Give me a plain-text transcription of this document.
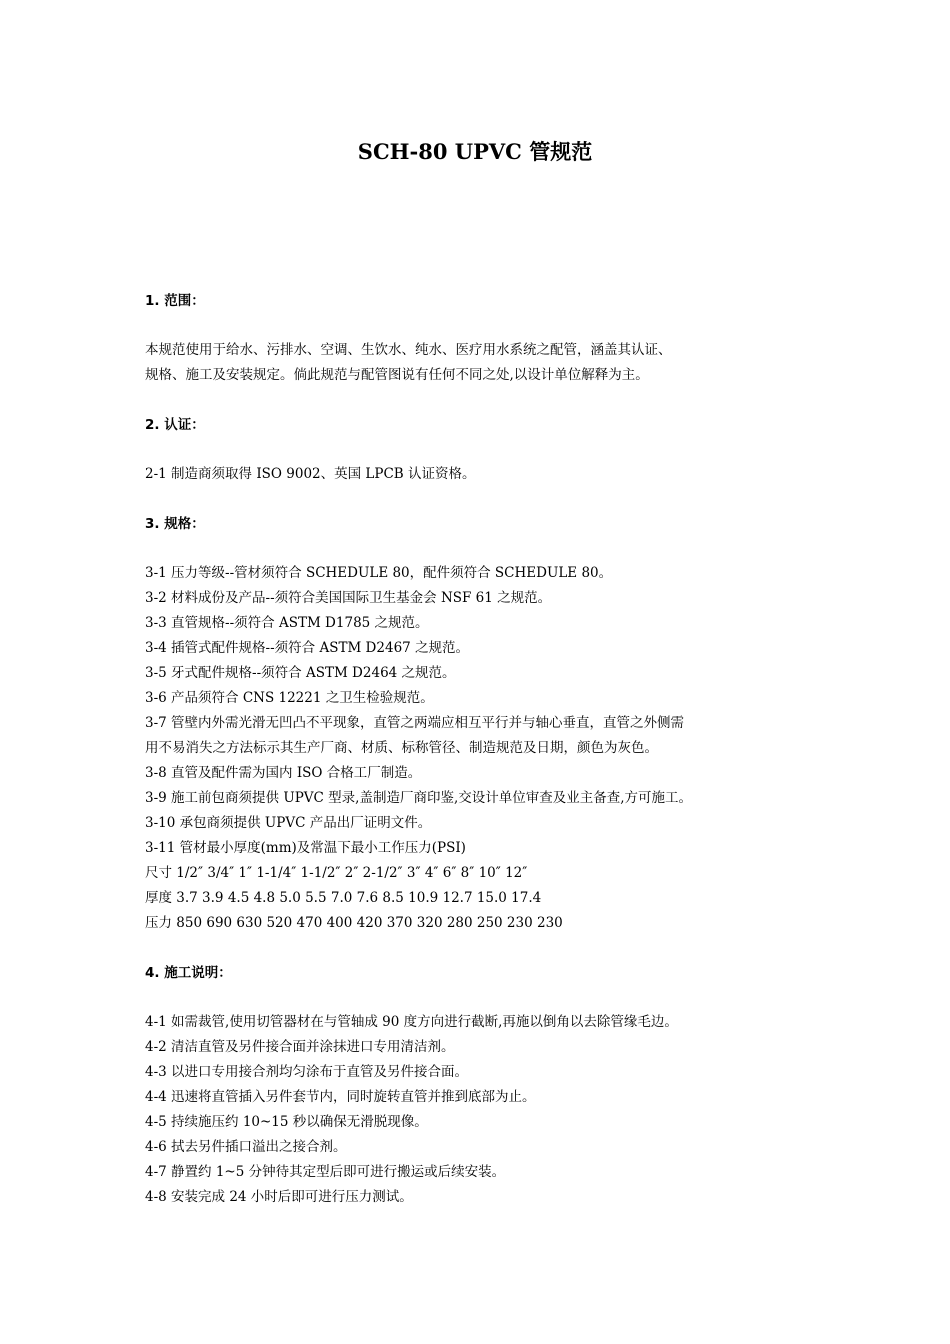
SCH-80 UPVC 管规范
1. 范围：
本规范使用于给水、污排水、空调、生饮水、纯水、医疗用水系统之配管，涵盖其认证、
规格、施工及安装规定。倘此规范与配管图说有任何不同之处,以设计单位解释为主。
2. 认证：
2-1 制造商须取得 ISO 9002、英国 LPCB 认证资格。
3. 规格：
3-1 压力等级--管材须符合 SCHEDULE 80，配件须符合 SCHEDULE 80。
3-2 材料成份及产品--须符合美国国际卫生基金会 NSF 61 之规范。
3-3 直管规格--须符合 ASTM D1785 之规范。
3-4 插管式配件规格--须符合 ASTM D2467 之规范。
3-5 牙式配件规格--须符合 ASTM D2464 之规范。
3-6 产品须符合 CNS 12221 之卫生检验规范。
3-7 管壁内外需光滑无凹凸不平现象，直管之两端应相互平行并与轴心垂直，直管之外侧需
用不易消失之方法标示其生产厂商、材质、标称管径、制造规范及日期，颜色为灰色。
3-8 直管及配件需为国内 ISO 合格工厂制造。
3-9 施工前包商须提供 UPVC 型录,盖制造厂商印鉴,交设计单位审查及业主备查,方可施工。
3-10 承包商须提供 UPVC 产品出厂证明文件。
3-11 管材最小厚度(mm)及常温下最小工作压力(PSI)
尺寸 1/2″ 3/4″ 1″ 1-1/4″ 1-1/2″ 2″ 2-1/2″ 3″ 4″ 6″ 8″ 10″ 12″
厚度 3.7 3.9 4.5 4.8 5.0 5.5 7.0 7.6 8.5 10.9 12.7 15.0 17.4
压力 850 690 630 520 470 400 420 370 320 280 250 230 230
4. 施工说明：
4-1 如需裁管,使用切管器材在与管轴成 90 度方向进行截断,再施以倒角以去除管缘毛边。
4-2 清洁直管及另件接合面并涂抹进口专用清洁剂。
4-3 以进口专用接合剂均匀涂布于直管及另件接合面。
4-4 迅速将直管插入另件套节内，同时旋转直管并推到底部为止。
4-5 持续施压约 10~15 秒以确保无滑脱现像。
4-6 拭去另件插口溢出之接合剂。
4-7 静置约 1~5 分钟待其定型后即可进行搬运或后续安装。
4-8 安装完成 24 小时后即可进行压力测试。
